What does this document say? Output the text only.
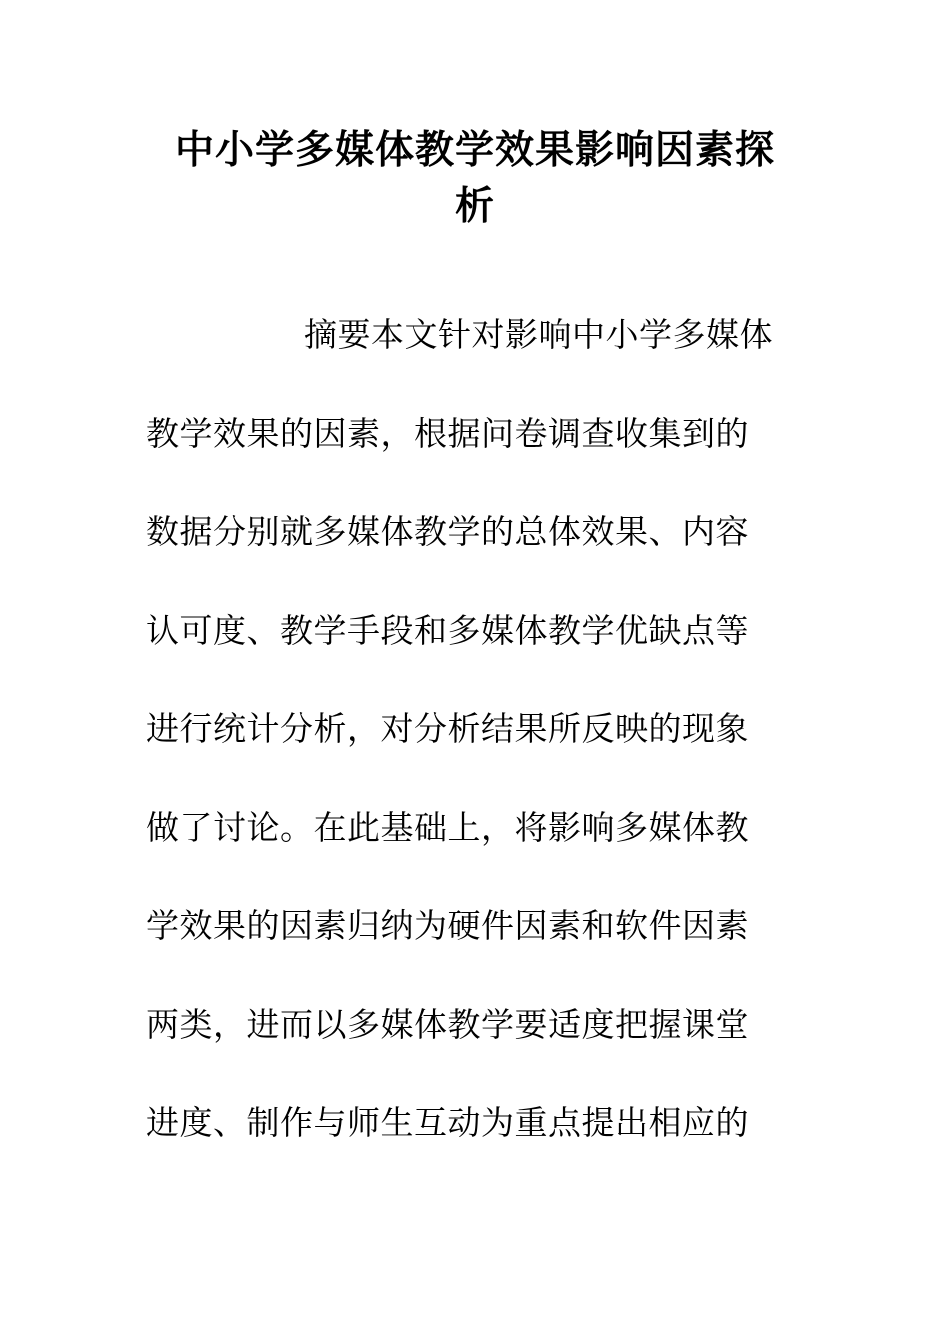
中小学多媒体教学效果影响因素探
析
摘要本文针对影响中小学多媒体
教学效果的因素，根据问卷调查收集到的
数据分别就多媒体教学的总体效果、内容
认可度、教学手段和多媒体教学优缺点等
进行统计分析，对分析结果所反映的现象
做了讨论。在此基础上，将影响多媒体教
学效果的因素归纳为硬件因素和软件因素
两类，进而以多媒体教学要适度把握课堂
进度、制作与师生互动为重点提出相应的
